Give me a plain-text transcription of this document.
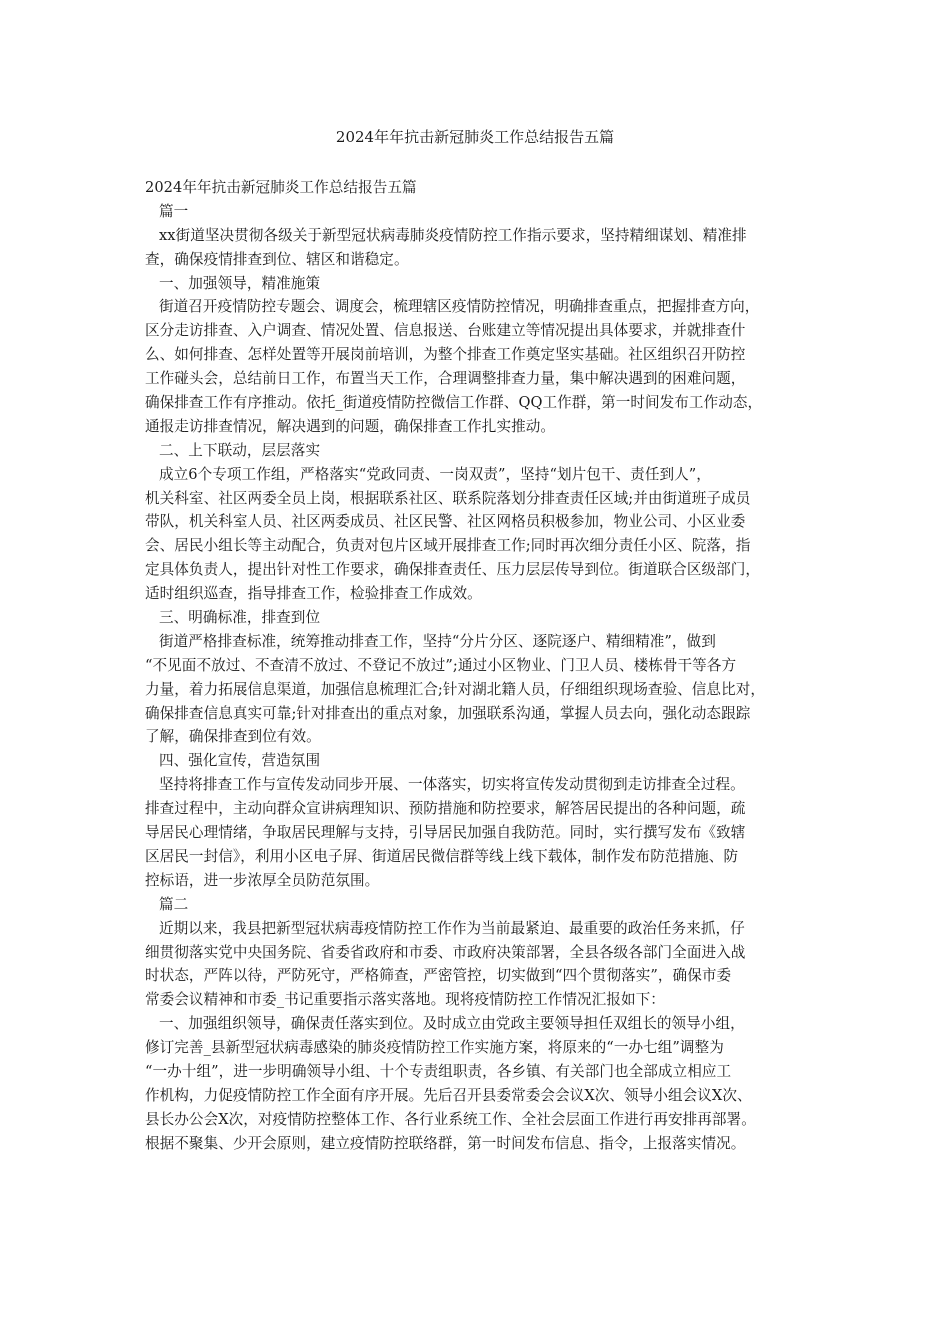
2024年年抗击新冠肺炎工作总结报告五篇
2024年年抗击新冠肺炎工作总结报告五篇
篇一
xx街道坚决贯彻各级关于新型冠状病毒肺炎疫情防控工作指示要求，坚持精细谋划、精准排
查，确保疫情排查到位、辖区和谐稳定。
一、加强领导，精准施策
街道召开疫情防控专题会、调度会，梳理辖区疫情防控情况，明确排查重点，把握排查方向，
区分走访排查、入户调查、情况处置、信息报送、台账建立等情况提出具体要求，并就排查什
么、如何排查、怎样处置等开展岗前培训，为整个排查工作奠定坚实基础。社区组织召开防控
工作碰头会，总结前日工作，布置当天工作，合理调整排查力量，集中解决遇到的困难问题，
确保排查工作有序推动。依托_街道疫情防控微信工作群、QQ工作群，第一时间发布工作动态，
通报走访排查情况，解决遇到的问题，确保排查工作扎实推动。
二、上下联动，层层落实
成立6个专项工作组，严格落实“党政同责、一岗双责”，坚持“划片包干、责任到人”，
机关科室、社区两委全员上岗，根据联系社区、联系院落划分排查责任区域;并由街道班子成员
带队，机关科室人员、社区两委成员、社区民警、社区网格员积极参加，物业公司、小区业委
会、居民小组长等主动配合，负责对包片区域开展排查工作;同时再次细分责任小区、院落，指
定具体负责人，提出针对性工作要求，确保排查责任、压力层层传导到位。街道联合区级部门，
适时组织巡查，指导排查工作，检验排查工作成效。
三、明确标准，排查到位
街道严格排查标准，统筹推动排查工作，坚持“分片分区、逐院逐户、精细精准”，做到
“不见面不放过、不查清不放过、不登记不放过”;通过小区物业、门卫人员、楼栋骨干等各方
力量，着力拓展信息渠道，加强信息梳理汇合;针对湖北籍人员，仔细组织现场查验、信息比对，
确保排查信息真实可靠;针对排查出的重点对象，加强联系沟通，掌握人员去向，强化动态跟踪
了解，确保排查到位有效。
四、强化宣传，营造氛围
坚持将排查工作与宣传发动同步开展、一体落实，切实将宣传发动贯彻到走访排查全过程。
排查过程中，主动向群众宣讲病理知识、预防措施和防控要求，解答居民提出的各种问题，疏
导居民心理情绪，争取居民理解与支持，引导居民加强自我防范。同时，实行撰写发布《致辖
区居民一封信》，利用小区电子屏、街道居民微信群等线上线下载体，制作发布防范措施、防
控标语，进一步浓厚全员防范氛围。
篇二
近期以来，我县把新型冠状病毒疫情防控工作作为当前最紧迫、最重要的政治任务来抓，仔
细贯彻落实党中央国务院、省委省政府和市委、市政府决策部署，全县各级各部门全面进入战
时状态，严阵以待，严防死守，严格筛查，严密管控，切实做到“四个贯彻落实”，确保市委
常委会议精神和市委_书记重要指示落实落地。现将疫情防控工作情况汇报如下：
一、加强组织领导，确保责任落实到位。及时成立由党政主要领导担任双组长的领导小组，
修订完善_县新型冠状病毒感染的肺炎疫情防控工作实施方案，将原来的“一办七组”调整为
“一办十组”，进一步明确领导小组、十个专责组职责，各乡镇、有关部门也全部成立相应工
作机构，力促疫情防控工作全面有序开展。先后召开县委常委会会议X次、领导小组会议X次、
县长办公会X次，对疫情防控整体工作、各行业系统工作、全社会层面工作进行再安排再部署。
根据不聚集、少开会原则，建立疫情防控联络群，第一时间发布信息、指令，上报落实情况。
